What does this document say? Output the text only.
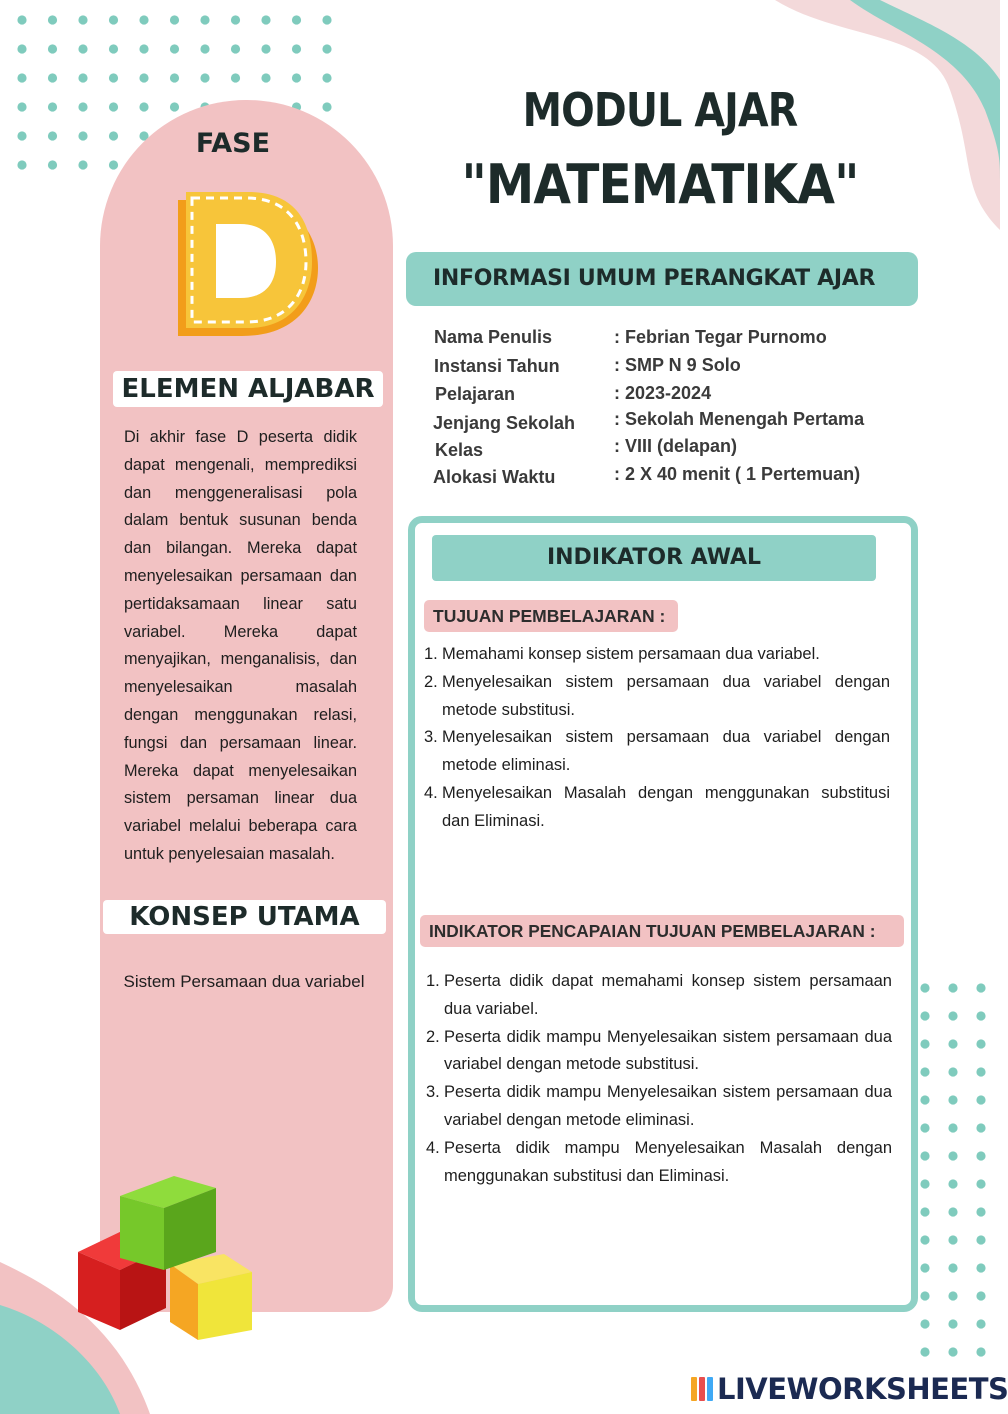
FASE
ELEMEN ALJABAR
Di akhir fase D peserta didik dapat mengenali, memprediksi dan menggeneralisasi pola dalam bentuk susunan benda dan bilangan. Mereka dapat menyelesaikan persamaan dan pertidaksamaan linear satu variabel. Mereka dapat menyajikan, menganalisis, dan menyelesaikan masalah dengan menggunakan relasi, fungsi dan persamaan linear. Mereka dapat menyelesaikan sistem persaman linear dua variabel melalui beberapa cara untuk penyelesaian masalah.
KONSEP UTAMA
Sistem Persamaan dua variabel
MODUL AJAR
"MATEMATIKA"
INFORMASI UMUM PERANGKAT AJAR
Nama Penulis	: Febrian Tegar Purnomo
Instansi Tahun	: SMP N 9 Solo
Pelajaran	: 2023-2024
Jenjang Sekolah : Sekolah Menengah Pertama
Kelas	: VIII (delapan)
Alokasi Waktu	: 2 X 40 menit ( 1 Pertemuan)
INDIKATOR AWAL
TUJUAN PEMBELAJARAN :
1. Memahami konsep sistem persamaan dua variabel.
2. Menyelesaikan sistem persamaan dua variabel dengan metode substitusi.
3. Menyelesaikan sistem persamaan dua variabel dengan metode eliminasi.
4. Menyelesaikan Masalah dengan menggunakan substitusi dan Eliminasi.
INDIKATOR PENCAPAIAN TUJUAN PEMBELAJARAN :
1. Peserta didik dapat memahami konsep sistem persamaan dua variabel.
2. Peserta didik mampu Menyelesaikan sistem persamaan dua variabel dengan metode substitusi.
3. Peserta didik mampu Menyelesaikan sistem persamaan dua variabel dengan metode eliminasi.
4. Peserta didik mampu Menyelesaikan Masalah dengan menggunakan substitusi dan Eliminasi.
LIVEWORKSHEETS
